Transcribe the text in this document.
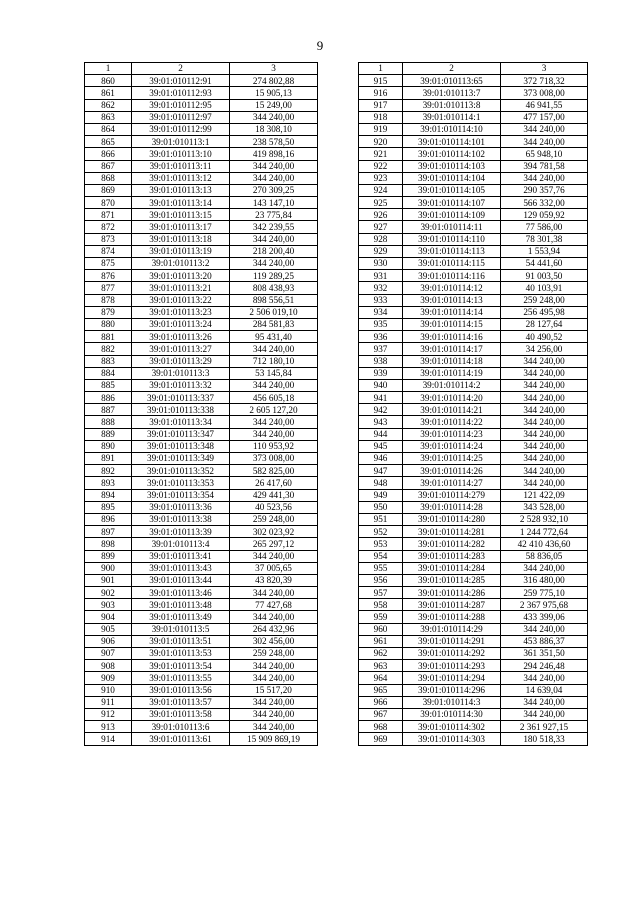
9
1	2	3
860	39:01:010112:91	274 802,88
861	39:01:010112:93	15 905,13
862	39:01:010112:95	15 249,00
863	39:01:010112:97	344 240,00
864	39:01:010112:99	18 308,10
865	39:01:010113:1	238 578,50
866	39:01:010113:10	419 898,16
867	39:01:010113:11	344 240,00
868	39:01:010113:12	344 240,00
869	39:01:010113:13	270 309,25
870	39:01:010113:14	143 147,10
871	39:01:010113:15	23 775,84
872	39:01:010113:17	342 239,55
873	39:01:010113:18	344 240,00
874	39:01:010113:19	218 200,40
875	39:01:010113:2	344 240,00
876	39:01:010113:20	119 289,25
877	39:01:010113:21	808 438,93
878	39:01:010113:22	898 556,51
879	39:01:010113:23	2 506 019,10
880	39:01:010113:24	284 581,83
881	39:01:010113:26	95 431,40
882	39:01:010113:27	344 240,00
883	39:01:010113:29	712 180,10
884	39:01:010113:3	53 145,84
885	39:01:010113:32	344 240,00
886	39:01:010113:337	456 605,18
887	39:01:010113:338	2 605 127,20
888	39:01:010113:34	344 240,00
889	39:01:010113:347	344 240,00
890	39:01:010113:348	110 953,92
891	39:01:010113:349	373 008,00
892	39:01:010113:352	582 825,00
893	39:01:010113:353	26 417,60
894	39:01:010113:354	429 441,30
895	39:01:010113:36	40 523,56
896	39:01:010113:38	259 248,00
897	39:01:010113:39	302 023,92
898	39:01:010113:4	265 297,12
899	39:01:010113:41	344 240,00
900	39:01:010113:43	37 005,65
901	39:01:010113:44	43 820,39
902	39:01:010113:46	344 240,00
903	39:01:010113:48	77 427,68
904	39:01:010113:49	344 240,00
905	39:01:010113:5	264 432,96
906	39:01:010113:51	302 456,00
907	39:01:010113:53	259 248,00
908	39:01:010113:54	344 240,00
909	39:01:010113:55	344 240,00
910	39:01:010113:56	15 517,20
911	39:01:010113:57	344 240,00
912	39:01:010113:58	344 240,00
913	39:01:010113:6	344 240,00
914	39:01:010113:61	15 909 869,19
1	2	3
915	39:01:010113:65	372 718,32
916	39:01:010113:7	373 008,00
917	39:01:010113:8	46 941,55
918	39:01:010114:1	477 157,00
919	39:01:010114:10	344 240,00
920	39:01:010114:101	344 240,00
921	39:01:010114:102	65 948,10
922	39:01:010114:103	394 781,58
923	39:01:010114:104	344 240,00
924	39:01:010114:105	290 357,76
925	39:01:010114:107	566 332,00
926	39:01:010114:109	129 059,92
927	39:01:010114:11	77 586,00
928	39:01:010114:110	78 301,38
929	39:01:010114:113	1 553,94
930	39:01:010114:115	54 441,60
931	39:01:010114:116	91 003,50
932	39:01:010114:12	40 103,91
933	39:01:010114:13	259 248,00
934	39:01:010114:14	256 495,98
935	39:01:010114:15	28 127,64
936	39:01:010114:16	40 490,52
937	39:01:010114:17	34 256,00
938	39:01:010114:18	344 240,00
939	39:01:010114:19	344 240,00
940	39:01:010114:2	344 240,00
941	39:01:010114:20	344 240,00
942	39:01:010114:21	344 240,00
943	39:01:010114:22	344 240,00
944	39:01:010114:23	344 240,00
945	39:01:010114:24	344 240,00
946	39:01:010114:25	344 240,00
947	39:01:010114:26	344 240,00
948	39:01:010114:27	344 240,00
949	39:01:010114:279	121 422,09
950	39:01:010114:28	343 528,00
951	39:01:010114:280	2 528 932,10
952	39:01:010114:281	1 244 772,64
953	39:01:010114:282	42 410 436,60
954	39:01:010114:283	58 836,05
955	39:01:010114:284	344 240,00
956	39:01:010114:285	316 480,00
957	39:01:010114:286	259 775,10
958	39:01:010114:287	2 367 975,68
959	39:01:010114:288	433 399,06
960	39:01:010114:29	344 240,00
961	39:01:010114:291	453 886,37
962	39:01:010114:292	361 351,50
963	39:01:010114:293	294 246,48
964	39:01:010114:294	344 240,00
965	39:01:010114:296	14 639,04
966	39:01:010114:3	344 240,00
967	39:01:010114:30	344 240,00
968	39:01:010114:302	2 361 927,15
969	39:01:010114:303	180 518,33
